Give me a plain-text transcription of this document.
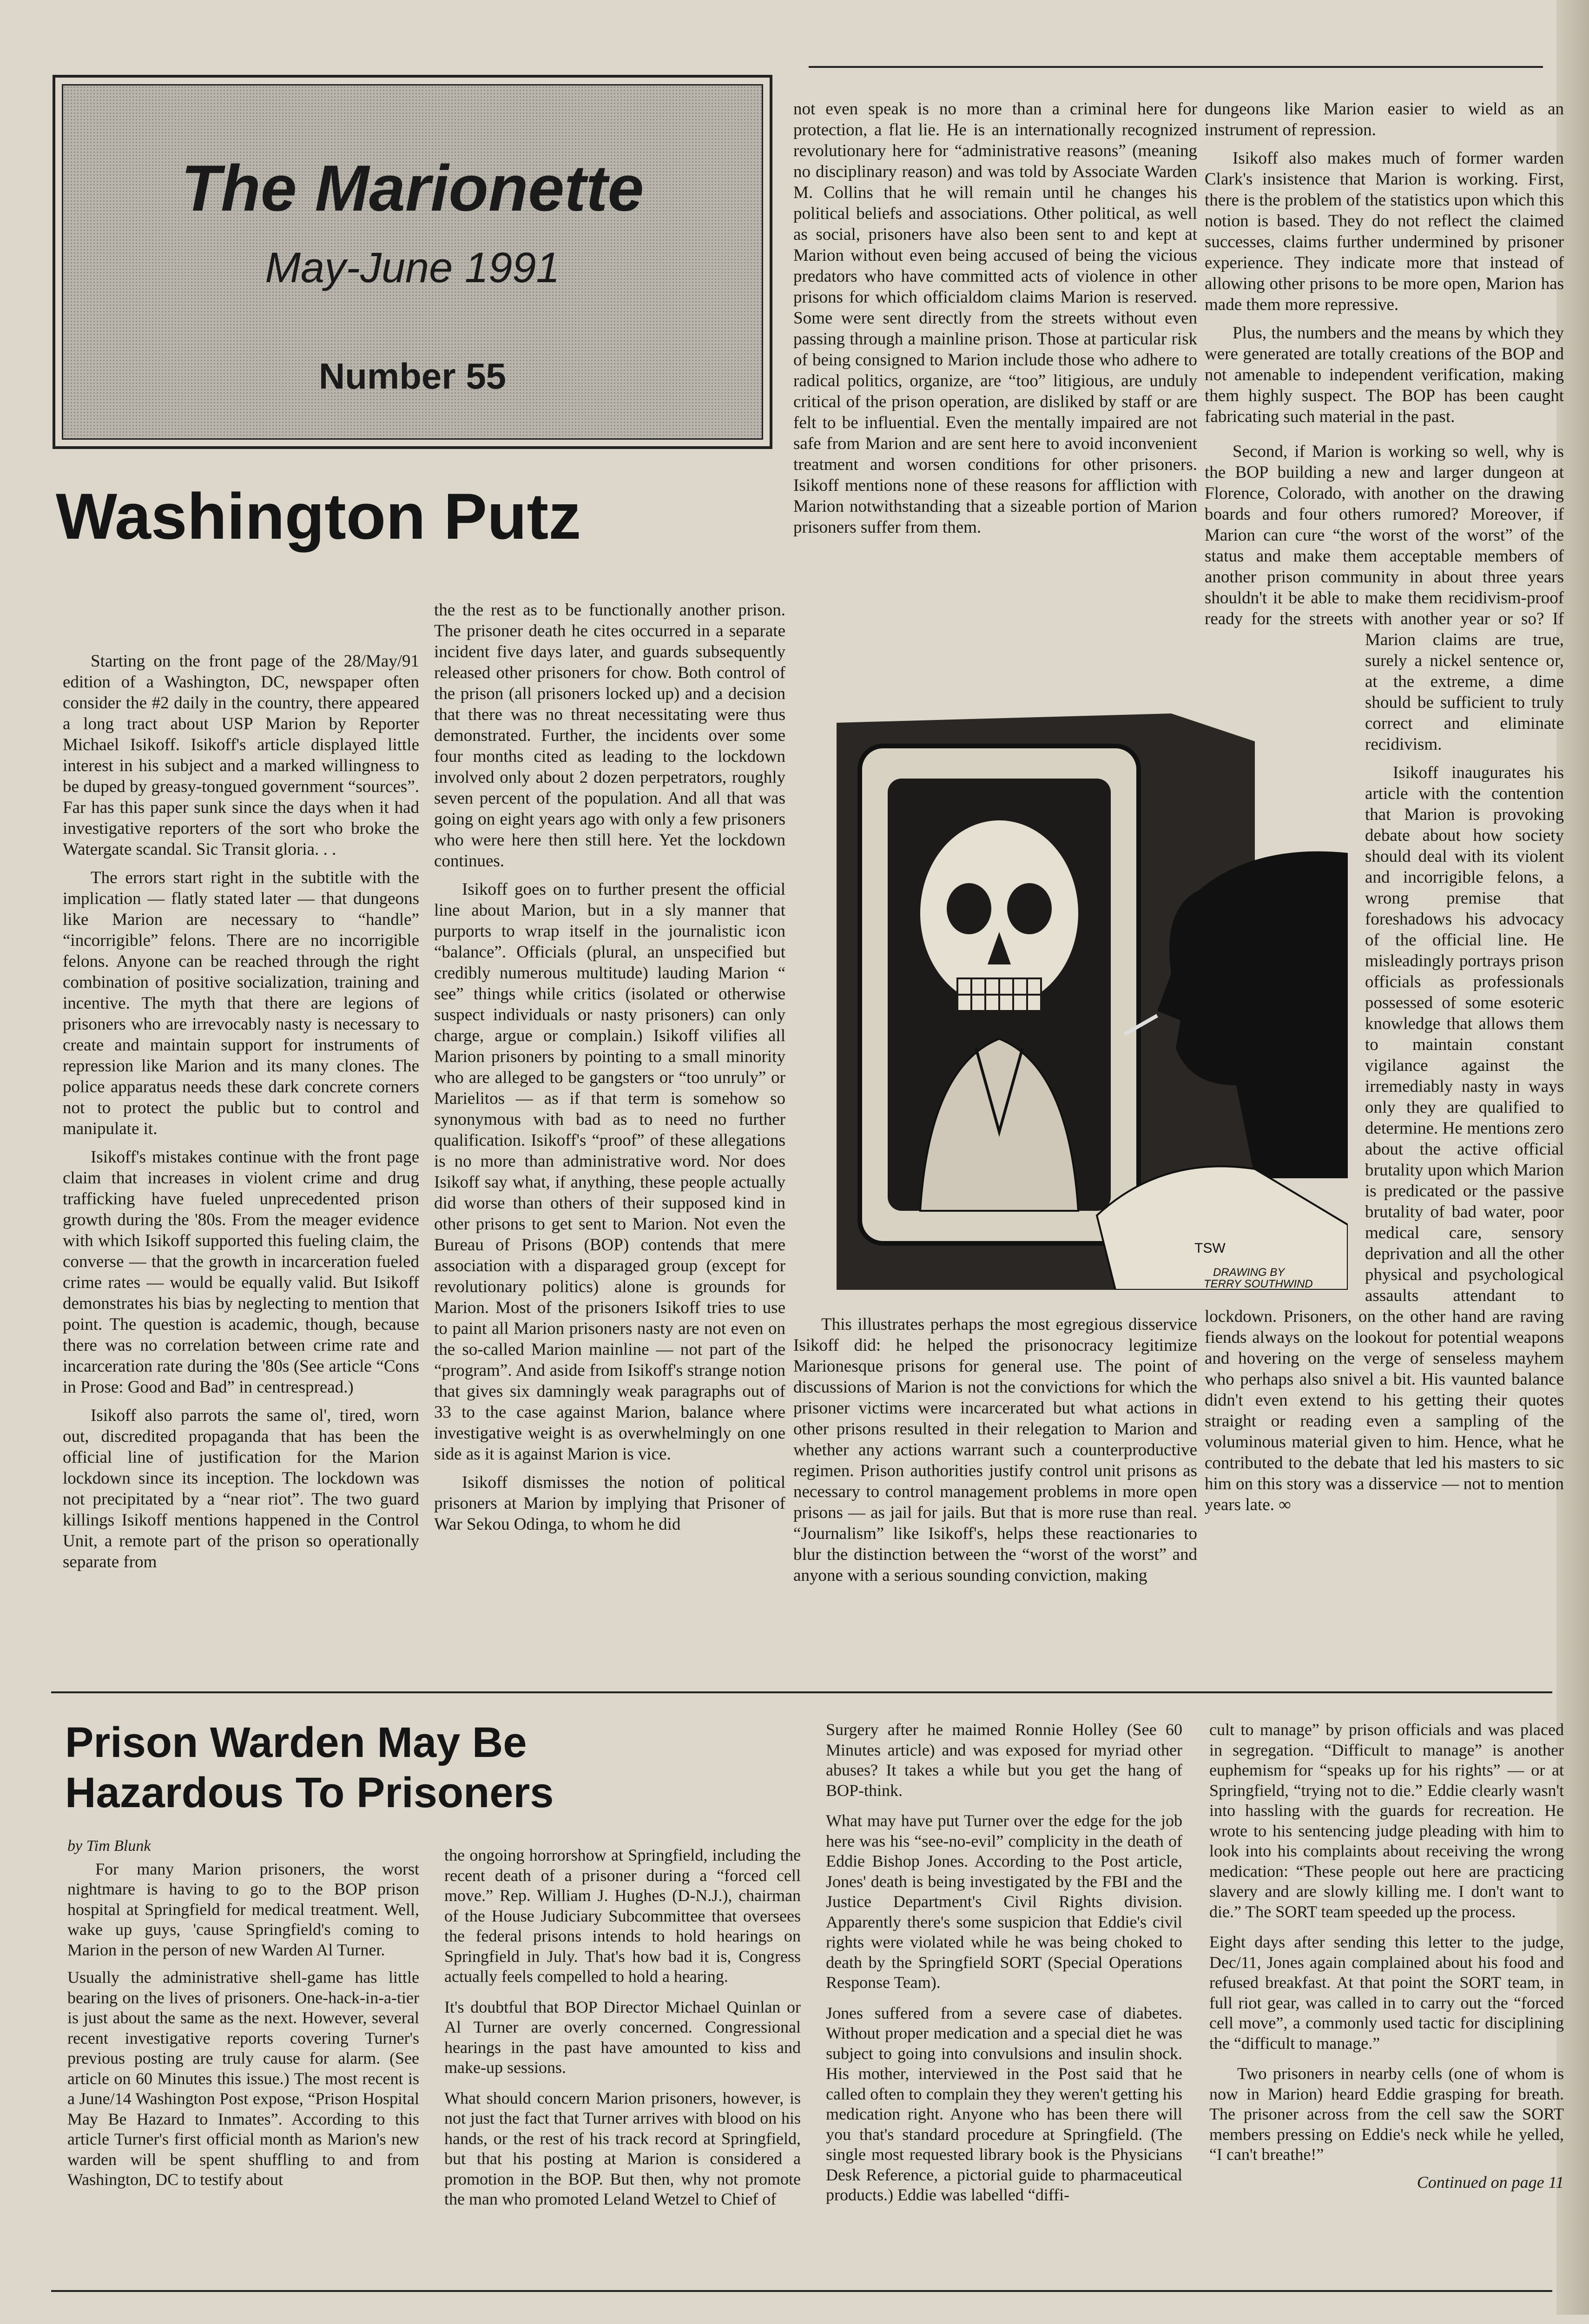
The Marionette
May-June 1991
Number 55
Washington Putz

Starting on the front page of the 28/May/91 edition of a Washington, DC, newspaper often consider the #2 daily in the country, there appeared a long tract about USP Marion by Reporter Michael Isikoff. Isikoff's article displayed little interest in his subject and a marked willingness to be duped by greasy-tongued government “sources”. Far has this paper sunk since the days when it had investigative reporters of the sort who broke the Watergate scandal. Sic Transit gloria. . .

The errors start right in the subtitle with the implication — flatly stated later — that dungeons like Marion are necessary to “handle” “incorrigible” felons. There are no incorrigible felons. Anyone can be reached through the right combination of positive socialization, training and incentive. The myth that there are legions of prisoners who are irrevocably nasty is necessary to create and maintain support for instruments of repression like Marion and its many clones. The police apparatus needs these dark concrete corners not to protect the public but to control and manipulate it.

Isikoff's mistakes continue with the front page claim that increases in violent crime and drug trafficking have fueled unprecedented prison growth during the '80s. From the meager evidence with which Isikoff supported this fueling claim, the converse — that the growth in incarceration fueled crime rates — would be equally valid. But Isikoff demonstrates his bias by neglecting to mention that point. The question is academic, though, because there was no correlation between crime rate and incarceration rate during the '80s (See article “Cons in Prose: Good and Bad” in centrespread.)

Isikoff also parrots the same ol', tired, worn out, discredited propaganda that has been the official line of justification for the Marion lockdown since its inception. The lockdown was not precipitated by a “near riot”. The two guard killings Isikoff mentions happened in the Control Unit, a remote part of the prison so operationally separate from

the the rest as to be functionally another prison. The prisoner death he cites occurred in a separate incident five days later, and guards subsequently released other prisoners for chow. Both control of the prison (all prisoners locked up) and a decision that there was no threat necessitating were thus demonstrated. Further, the incidents over some four months cited as leading to the lockdown involved only about 2 dozen perpetrators, roughly seven percent of the population. And all that was going on eight years ago with only a few prisoners who were here then still here. Yet the lockdown continues.

Isikoff goes on to further present the official line about Marion, but in a sly manner that purports to wrap itself in the journalistic icon “balance”. Officials (plural, an unspecified but credibly numerous multitude) lauding Marion “ see” things while critics (isolated or otherwise suspect individuals or nasty prisoners) can only charge, argue or complain.) Isikoff vilifies all Marion prisoners by pointing to a small minority who are alleged to be gangsters or “too unruly” or Marielitos — as if that term is somehow so synonymous with bad as to need no further qualification. Isikoff's “proof” of these allegations is no more than administrative word. Nor does Isikoff say what, if anything, these people actually did worse than others of their supposed kind in other prisons to get sent to Marion. Not even the Bureau of Prisons (BOP) contends that mere association with a disparaged group (except for revolutionary politics) alone is grounds for Marion. Most of the prisoners Isikoff tries to use to paint all Marion prisoners nasty are not even on the so-called Marion mainline — not part of the “program”. And aside from Isikoff's strange notion that gives six damningly weak paragraphs out of 33 to the case against Marion, balance where investigative weight is as overwhelmingly on one side as it is against Marion is vice.

Isikoff dismisses the notion of political prisoners at Marion by implying that Prisoner of War Sekou Odinga, to whom he did

not even speak is no more than a criminal here for protection, a flat lie. He is an internationally recognized revolutionary here for “administrative reasons” (meaning no disciplinary reason) and was told by Associate Warden M. Collins that he will remain until he changes his political beliefs and associations. Other political, as well as social, prisoners have also been sent to and kept at Marion without even being accused of being the vicious predators who have committed acts of violence in other prisons for which officialdom claims Marion is reserved. Some were sent directly from the streets without even passing through a mainline prison. Those at particular risk of being consigned to Marion include those who adhere to radical politics, organize, are “too” litigious, are unduly critical of the prison operation, are disliked by staff or are felt to be influential. Even the mentally impaired are not safe from Marion and are sent here to avoid inconvenient treatment and worsen conditions for other prisoners. Isikoff mentions none of these reasons for affliction with Marion notwithstanding that a sizeable portion of Marion prisoners suffer from them.

TSW
DRAWING BY
TERRY SOUTHWIND

This illustrates perhaps the most egregious disservice Isikoff did: he helped the prisonocracy legitimize Marionesque prisons for general use. The point of discussions of Marion is not the convictions for which the prisoner victims were incarcerated but what actions in other prisons resulted in their relegation to Marion and whether any actions warrant such a counterproductive regimen. Prison authorities justify control unit prisons as necessary to control management problems in more open prisons — as jail for jails. But that is more ruse than real. “Journalism” like Isikoff's, helps these reactionaries to blur the distinction between the “worst of the worst” and anyone with a serious sounding conviction, making

dungeons like Marion easier to wield as an instrument of repression.

Isikoff also makes much of former warden Clark's insistence that Marion is working. First, there is the problem of the statistics upon which this notion is based. They do not reflect the claimed successes, claims further undermined by prisoner experience. They indicate more that instead of allowing other prisons to be more open, Marion has made them more repressive.

Plus, the numbers and the means by which they were generated are totally creations of the BOP and not amenable to independent verification, making them highly suspect. The BOP has been caught fabricating such material in the past.

Second, if Marion is working so well, why is the BOP building a new and larger dungeon at Florence, Colorado, with another on the drawing boards and four others rumored? Moreover, if Marion can cure “the worst of the worst” of the status and make them acceptable members of another prison community in about three years shouldn't it be able to make them recidivism-proof ready for the streets with another year or so? If Marion claims are true, surely a nickel sentence or, at the extreme, a dime should be sufficient to truly correct and eliminate recidivism.

Isikoff inaugurates his article with the contention that Marion is provoking debate about how society should deal with its violent and incorrigible felons, a wrong premise that foreshadows his advocacy of the official line. He misleadingly portrays prison officials as professionals possessed of some esoteric knowledge that allows them to maintain constant vigilance against the irremediably nasty in ways only they are qualified to determine. He mentions zero about the active official brutality upon which Marion is predicated or the passive brutality of bad water, poor medical care, sensory deprivation and all the other physical and psychological assaults attendant to lockdown. Prisoners, on the other hand are raving fiends always on the lookout for potential weapons and hovering on the verge of senseless mayhem who perhaps also snivel a bit. His vaunted balance didn't even extend to his getting their quotes straight or reading even a sampling of the voluminous material given to him. Hence, what he contributed to the debate that led his masters to sic him on this story was a disservice — not to mention years late. ∞

Prison Warden May Be
Hazardous To Prisoners
by Tim Blunk

For many Marion prisoners, the worst nightmare is having to go to the BOP prison hospital at Springfield for medical treatment. Well, wake up guys, 'cause Springfield's coming to Marion in the person of new Warden Al Turner.

Usually the administrative shell-game has little bearing on the lives of prisoners. One-hack-in-a-tier is just about the same as the next. However, several recent investigative reports covering Turner's previous posting are truly cause for alarm. (See article on 60 Minutes this issue.) The most recent is a June/14 Washington Post expose, “Prison Hospital May Be Hazard to Inmates”. According to this article Turner's first official month as Marion's new warden will be spent shuffling to and from Washington, DC to testify about

the ongoing horrorshow at Springfield, including the recent death of a prisoner during a “forced cell move.” Rep. William J. Hughes (D-N.J.), chairman of the House Judiciary Subcommittee that oversees the federal prisons intends to hold hearings on Springfield in July. That's how bad it is, Congress actually feels compelled to hold a hearing.

It's doubtful that BOP Director Michael Quinlan or Al Turner are overly concerned. Congressional hearings in the past have amounted to kiss and make-up sessions.

What should concern Marion prisoners, however, is not just the fact that Turner arrives with blood on his hands, or the rest of his track record at Springfield, but that his posting at Marion is considered a promotion in the BOP. But then, why not promote the man who promoted Leland Wetzel to Chief of

Surgery after he maimed Ronnie Holley (See 60 Minutes article) and was exposed for myriad other abuses? It takes a while but you get the hang of BOP-think.

What may have put Turner over the edge for the job here was his “see-no-evil” complicity in the death of Eddie Bishop Jones. According to the Post article, Jones' death is being investigated by the FBI and the Justice Department's Civil Rights division. Apparently there's some suspicion that Eddie's civil rights were violated while he was being choked to death by the Springfield SORT (Special Operations Response Team).

Jones suffered from a severe case of diabetes. Without proper medication and a special diet he was subject to going into convulsions and insulin shock. His mother, interviewed in the Post said that he called often to complain they they weren't getting his medication right. Anyone who has been there will you that's standard procedure at Springfield. (The single most requested library book is the Physicians Desk Reference, a pictorial guide to pharmaceutical products.) Eddie was labelled “diffi-

cult to manage” by prison officials and was placed in segregation. “Difficult to manage” is another euphemism for “speaks up for his rights” — or at Springfield, “trying not to die.” Eddie clearly wasn't into hassling with the guards for recreation. He wrote to his sentencing judge pleading with him to look into his complaints about receiving the wrong medication: “These people out here are practicing slavery and are slowly killing me. I don't want to die.” The SORT team speeded up the process.

Eight days after sending this letter to the judge, Dec/11, Jones again complained about his food and refused breakfast. At that point the SORT team, in full riot gear, was called in to carry out the “forced cell move”, a commonly used tactic for disciplining the “difficult to manage.”

Two prisoners in nearby cells (one of whom is now in Marion) heard Eddie grasping for breath. The prisoner across from the cell saw the SORT members pressing on Eddie's neck while he yelled, “I can't breathe!”

Continued on page 11
